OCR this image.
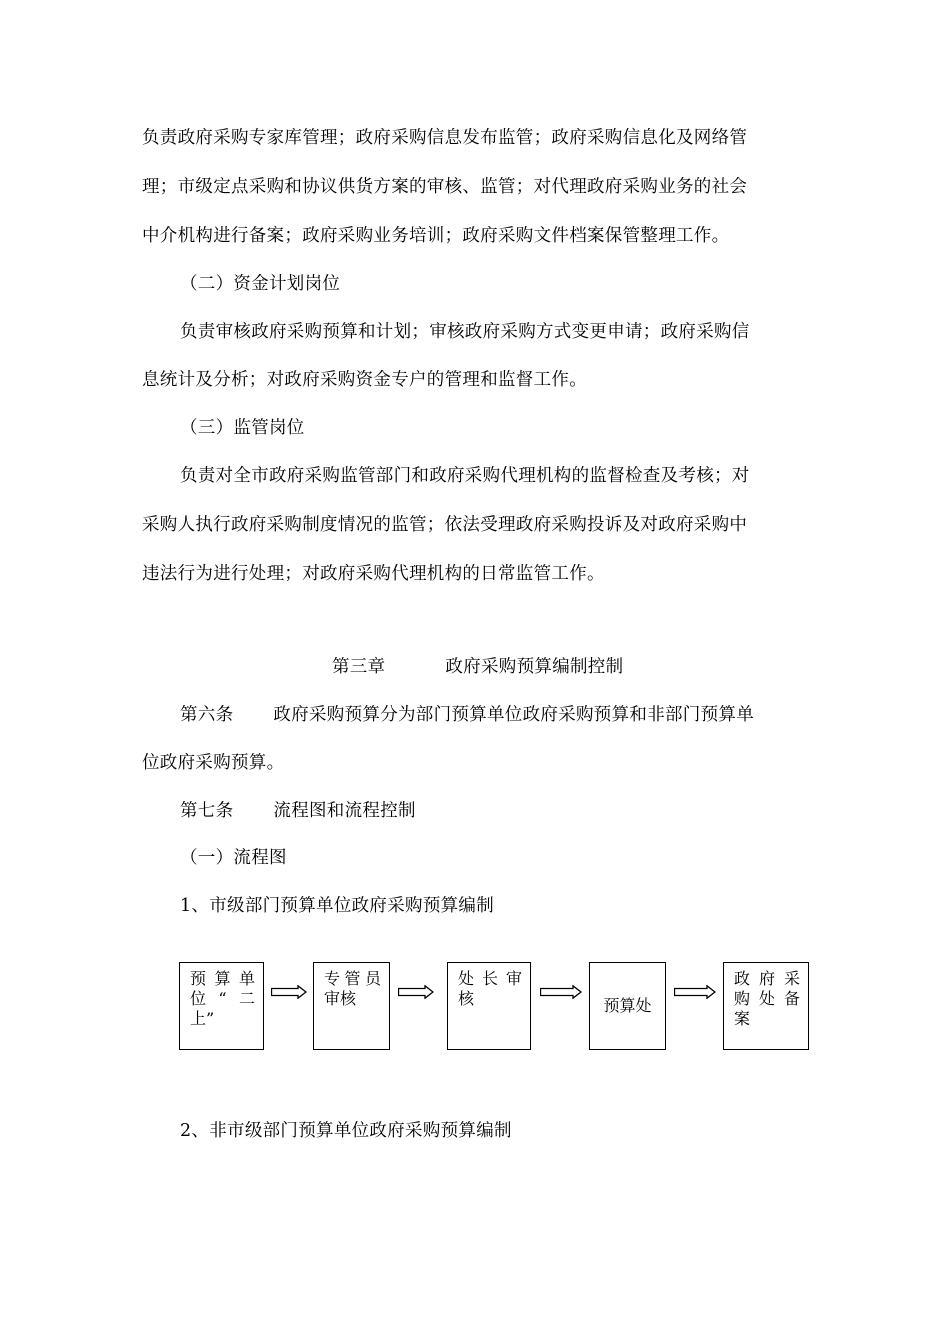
负责政府采购专家库管理；政府采购信息发布监管；政府采购信息化及网络管
理；市级定点采购和协议供货方案的审核、监管；对代理政府采购业务的社会
中介机构进行备案；政府采购业务培训；政府采购文件档案保管整理工作。
（二）资金计划岗位
负责审核政府采购预算和计划；审核政府采购方式变更申请；政府采购信
息统计及分析；对政府采购资金专户的管理和监督工作。
（三）监管岗位
负责对全市政府采购监管部门和政府采购代理机构的监督检查及考核；对
采购人执行政府采购制度情况的监管；依法受理政府采购投诉及对政府采购中
违法行为进行处理；对政府采购代理机构的日常监管工作。
第三章	政府采购预算编制控制
第六条 政府采购预算分为部门预算单位政府采购预算和非部门预算单
位政府采购预算。
第七条 流程图和流程控制
（一）流程图
1、市级部门预算单位政府采购预算编制
预算单
位“二

上”
专管员

审核
处长审

核	预算处
政府采
购处备

案
2、非市级部门预算单位政府采购预算编制
